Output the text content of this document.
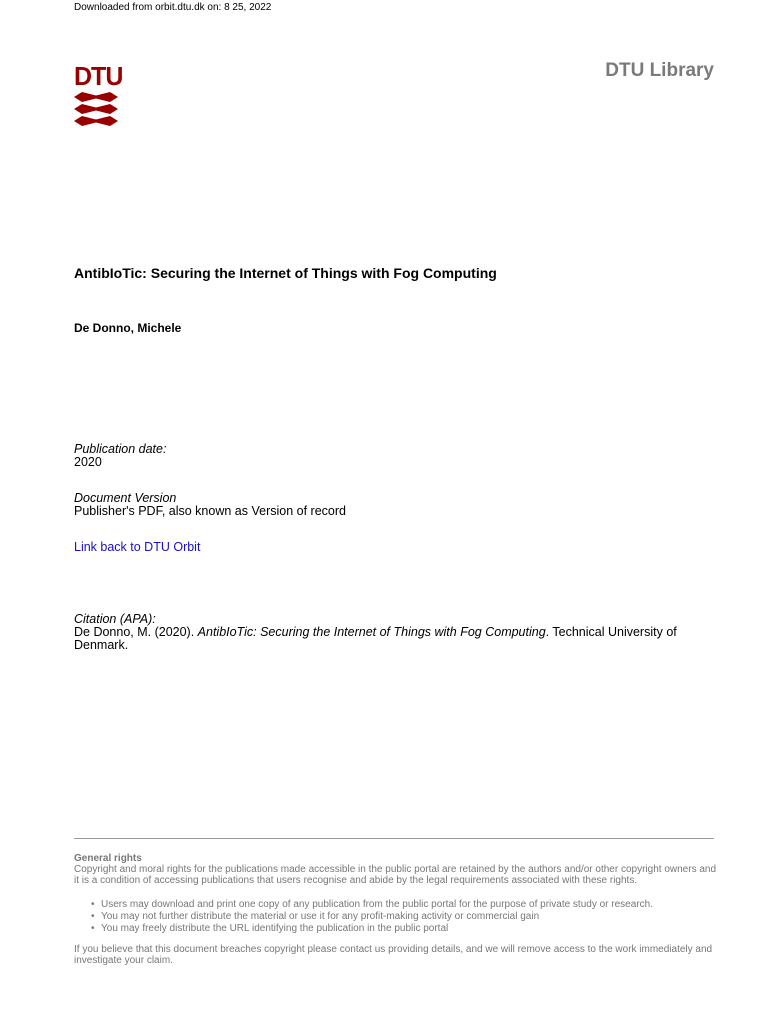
Downloaded from orbit.dtu.dk on: 8 25, 2022
DTU	DTU Library
AntibIoTic: Securing the Internet of Things with Fog Computing
De Donno, Michele
Publication date:
2020
Document Version
Publisher's PDF, also known as Version of record
Link back to DTU Orbit
Citation (APA):
De Donno, M. (2020). AntibIoTic: Securing the Internet of Things with Fog Computing. Technical University of Denmark.
General rights
Copyright and moral rights for the publications made accessible in the public portal are retained by the authors and/or other copyright owners and it is a condition of accessing publications that users recognise and abide by the legal requirements associated with these rights.
• Users may download and print one copy of any publication from the public portal for the purpose of private study or research.
• You may not further distribute the material or use it for any profit-making activity or commercial gain
• You may freely distribute the URL identifying the publication in the public portal
If you believe that this document breaches copyright please contact us providing details, and we will remove access to the work immediately and investigate your claim.
